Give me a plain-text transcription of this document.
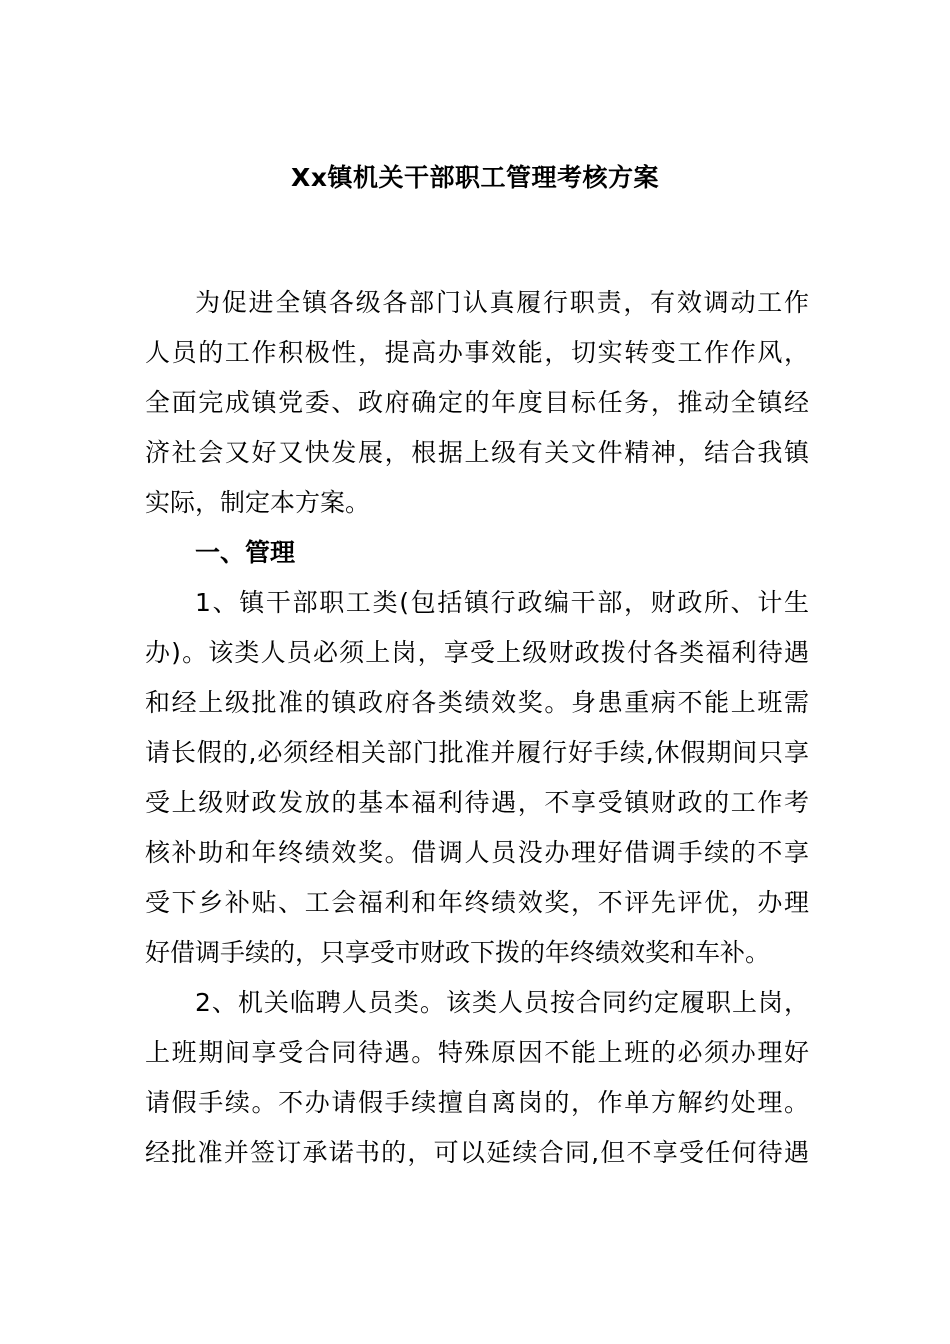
Xx镇机关干部职工管理考核方案
为促进全镇各级各部门认真履行职责，有效调动工作
人员的工作积极性，提高办事效能，切实转变工作作风，
全面完成镇党委、政府确定的年度目标任务，推动全镇经
济社会又好又快发展，根据上级有关文件精神，结合我镇
实际，制定本方案。
一、管理
1、镇干部职工类(包括镇行政编干部，财政所、计生
办)。该类人员必须上岗，享受上级财政拨付各类福利待遇
和经上级批准的镇政府各类绩效奖。身患重病不能上班需
请长假的,必须经相关部门批准并履行好手续,休假期间只享
受上级财政发放的基本福利待遇，不享受镇财政的工作考
核补助和年终绩效奖。借调人员没办理好借调手续的不享
受下乡补贴、工会福利和年终绩效奖，不评先评优，办理
好借调手续的，只享受市财政下拨的年终绩效奖和车补。
2、机关临聘人员类。该类人员按合同约定履职上岗，
上班期间享受合同待遇。特殊原因不能上班的必须办理好
请假手续。不办请假手续擅自离岗的，作单方解约处理。
经批准并签订承诺书的，可以延续合同,但不享受任何待遇
